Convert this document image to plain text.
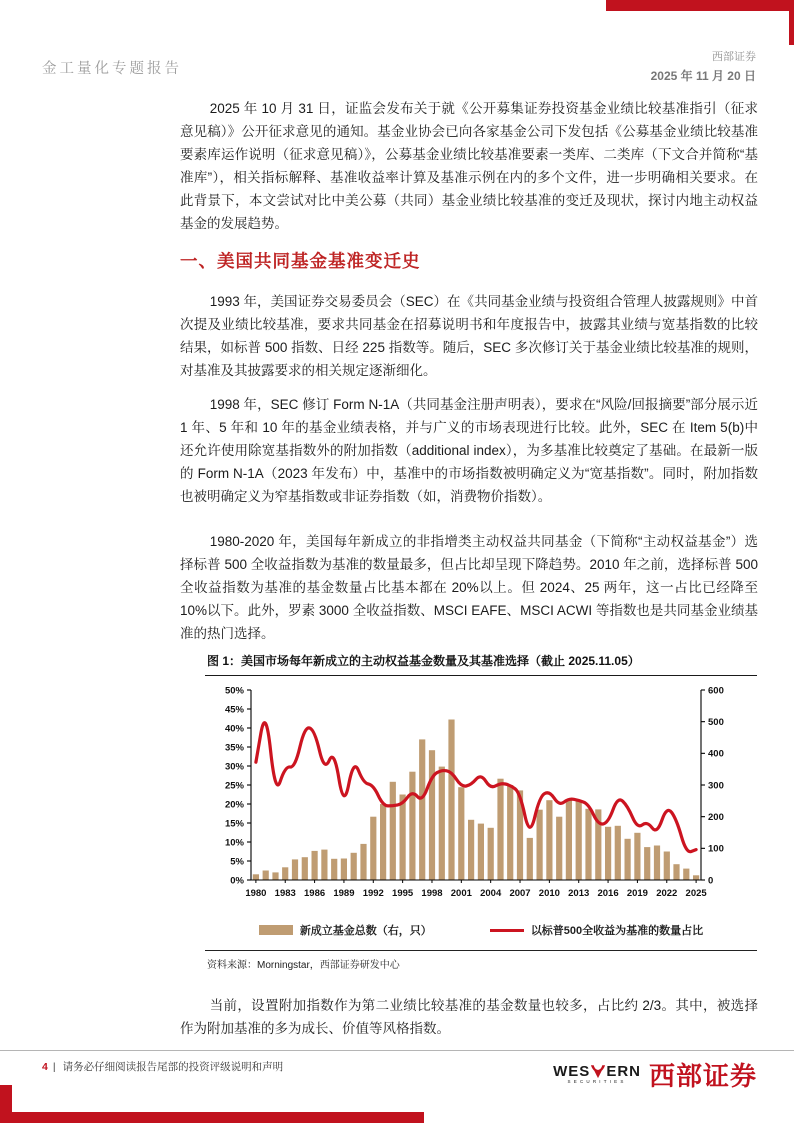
金工量化专题报告
西部证券
2025 年 11 月 20 日
2025 年 10 月 31 日，证监会发布关于就《公开募集证券投资基金业绩比较基准指引（征求意见稿）》公开征求意见的通知。基金业协会已向各家基金公司下发包括《公募基金业绩比较基准要素库运作说明（征求意见稿）》，公募基金业绩比较基准要素一类库、二类库（下文合并简称“基准库”），相关指标解释、基准收益率计算及基准示例在内的多个文件，进一步明确相关要求。在此背景下，本文尝试对比中美公募（共同）基金业绩比较基准的变迁及现状，探讨内地主动权益基金的发展趋势。
一、美国共同基金基准变迁史
1993 年，美国证券交易委员会（SEC）在《共同基金业绩与投资组合管理人披露规则》中首次提及业绩比较基准，要求共同基金在招募说明书和年度报告中，披露其业绩与宽基指数的比较结果，如标普 500 指数、日经 225 指数等。随后，SEC 多次修订关于基金业绩比较基准的规则，对基准及其披露要求的相关规定逐渐细化。
1998 年，SEC 修订 Form N-1A（共同基金注册声明表），要求在“风险/回报摘要”部分展示近 1 年、5 年和 10 年的基金业绩表格，并与广义的市场表现进行比较。此外，SEC 在 Item 5(b)中还允许使用除宽基指数外的附加指数（additional index），为多基准比较奠定了基础。在最新一版的 Form N-1A（2023 年发布）中，基准中的市场指数被明确定义为“宽基指数”。同时，附加指数也被明确定义为窄基指数或非证券指数（如，消费物价指数）。
1980-2020 年，美国每年新成立的非指增类主动权益共同基金（下简称“主动权益基金”）选择标普 500 全收益指数为基准的数量最多，但占比却呈现下降趋势。2010 年之前，选择标普 500 全收益指数为基准的基金数量占比基本都在 20%以上。但 2024、25 两年，这一占比已经降至 10%以下。此外，罗素 3000 全收益指数、MSCI EAFE、MSCI ACWI 等指数也是共同基金业绩基准的热门选择。
图 1：美国市场每年新成立的主动权益基金数量及其基准选择（截止 2025.11.05）
0%
5%
10%
15%
20%
25%
30%
35%
40%
45%
50%
0
100
200
300
400
500
600
1980 1983 1986 1989 1992 1995 1998 2001 2004 2007 2010 2013 2016 2019 2022 2025
新成立基金总数（右，只）	以标普500全收益为基准的数量占比
资料来源：Morningstar，西部证券研发中心
当前，设置附加指数作为第二业绩比较基准的基金数量也较多，占比约 2/3。其中，被选择作为附加基准的多为成长、价值等风格指数。
4 | 请务必仔细阅读报告尾部的投资评级说明和声明	WES ERN
SECURITIES 西部证券
